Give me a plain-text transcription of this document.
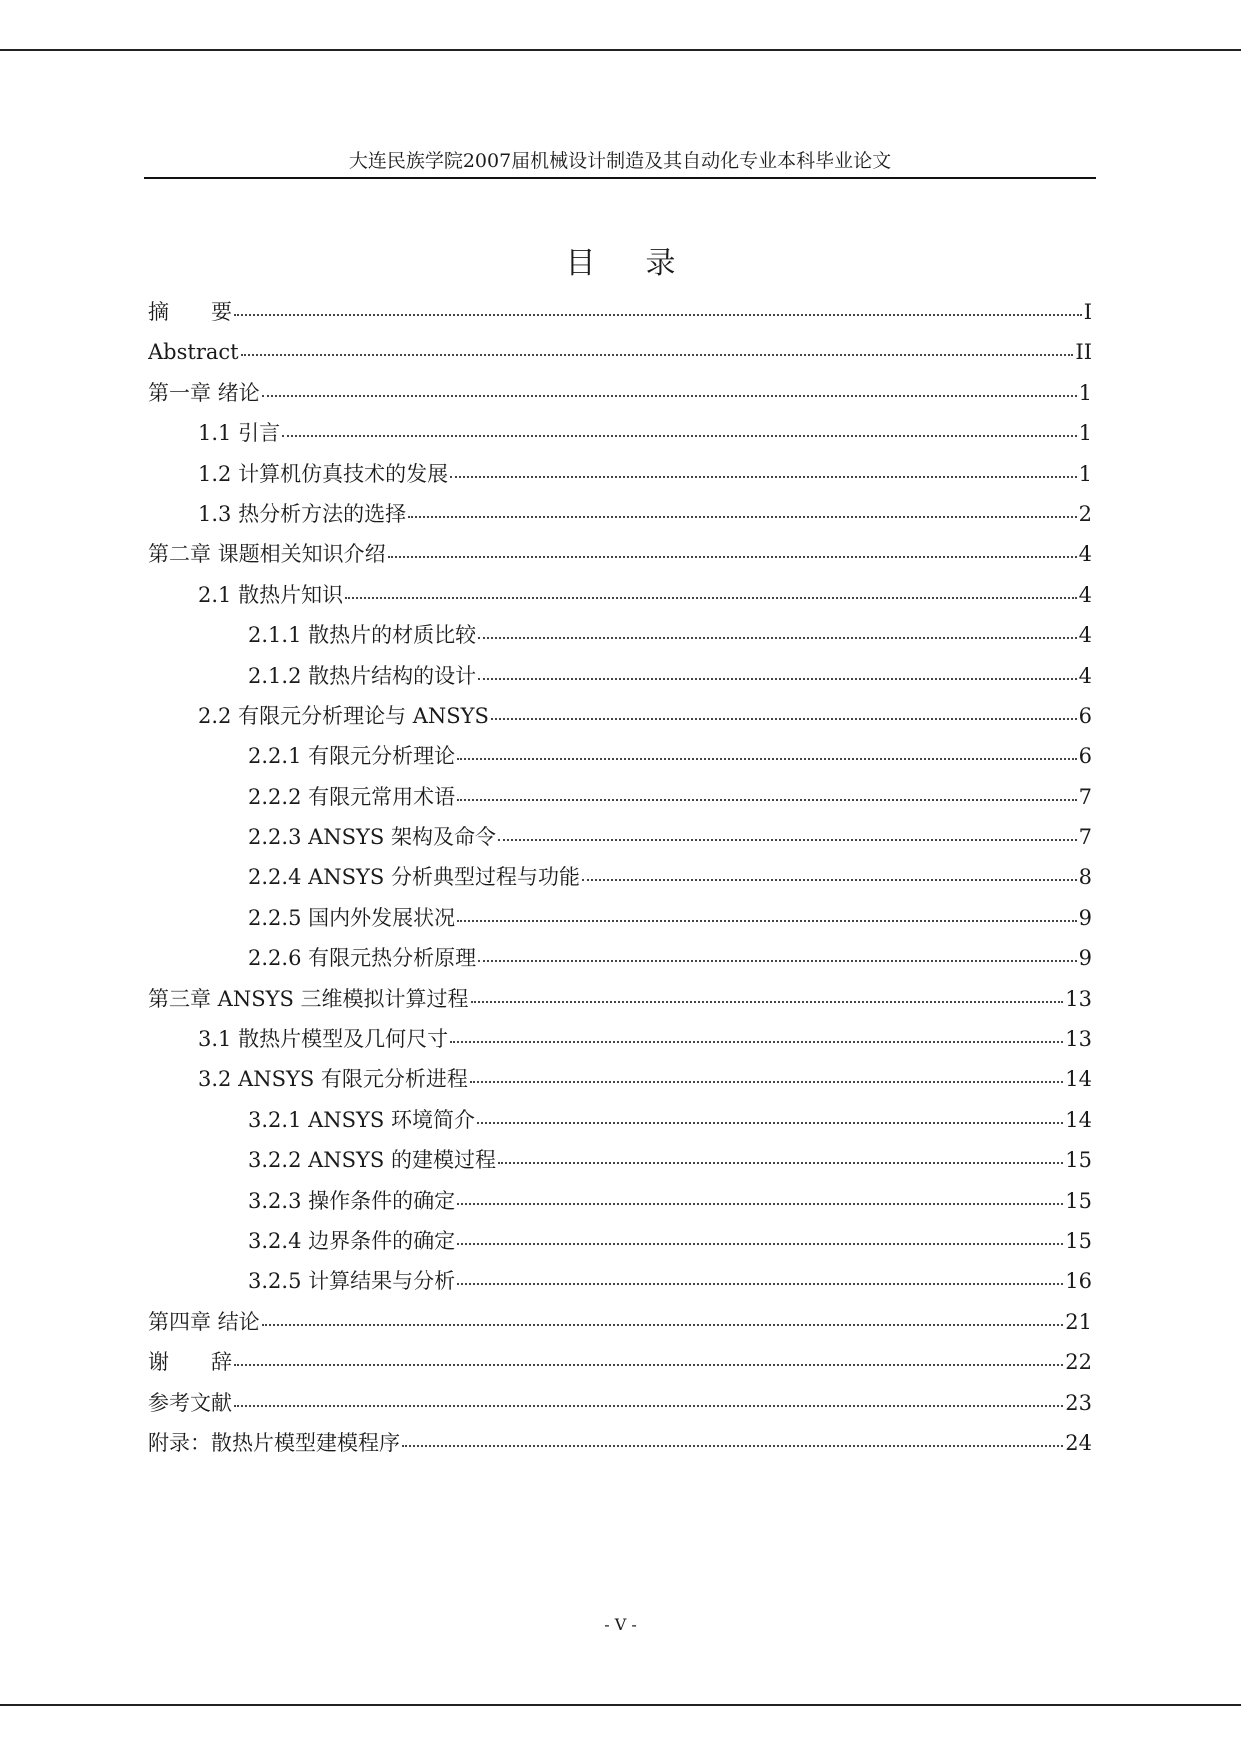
大连民族学院2007届机械设计制造及其自动化专业本科毕业论文
目录
摘　　要	I
Abstract	II
第一章 绪论	1
1.1 引言	1
1.2 计算机仿真技术的发展	1
1.3 热分析方法的选择	2
第二章 课题相关知识介绍	4
2.1 散热片知识	4
2.1.1 散热片的材质比较	4
2.1.2 散热片结构的设计	4
2.2 有限元分析理论与 ANSYS	6
2.2.1 有限元分析理论	6
2.2.2 有限元常用术语	7
2.2.3 ANSYS 架构及命令	7
2.2.4 ANSYS 分析典型过程与功能	8
2.2.5 国内外发展状况	9
2.2.6 有限元热分析原理	9
第三章 ANSYS 三维模拟计算过程	13
3.1 散热片模型及几何尺寸	13
3.2 ANSYS 有限元分析进程	14
3.2.1 ANSYS 环境简介	14
3.2.2 ANSYS 的建模过程	15
3.2.3 操作条件的确定	15
3.2.4 边界条件的确定	15
3.2.5 计算结果与分析	16
第四章 结论	21
谢　　辞	22
参考文献	23
附录：散热片模型建模程序	24
- V -
